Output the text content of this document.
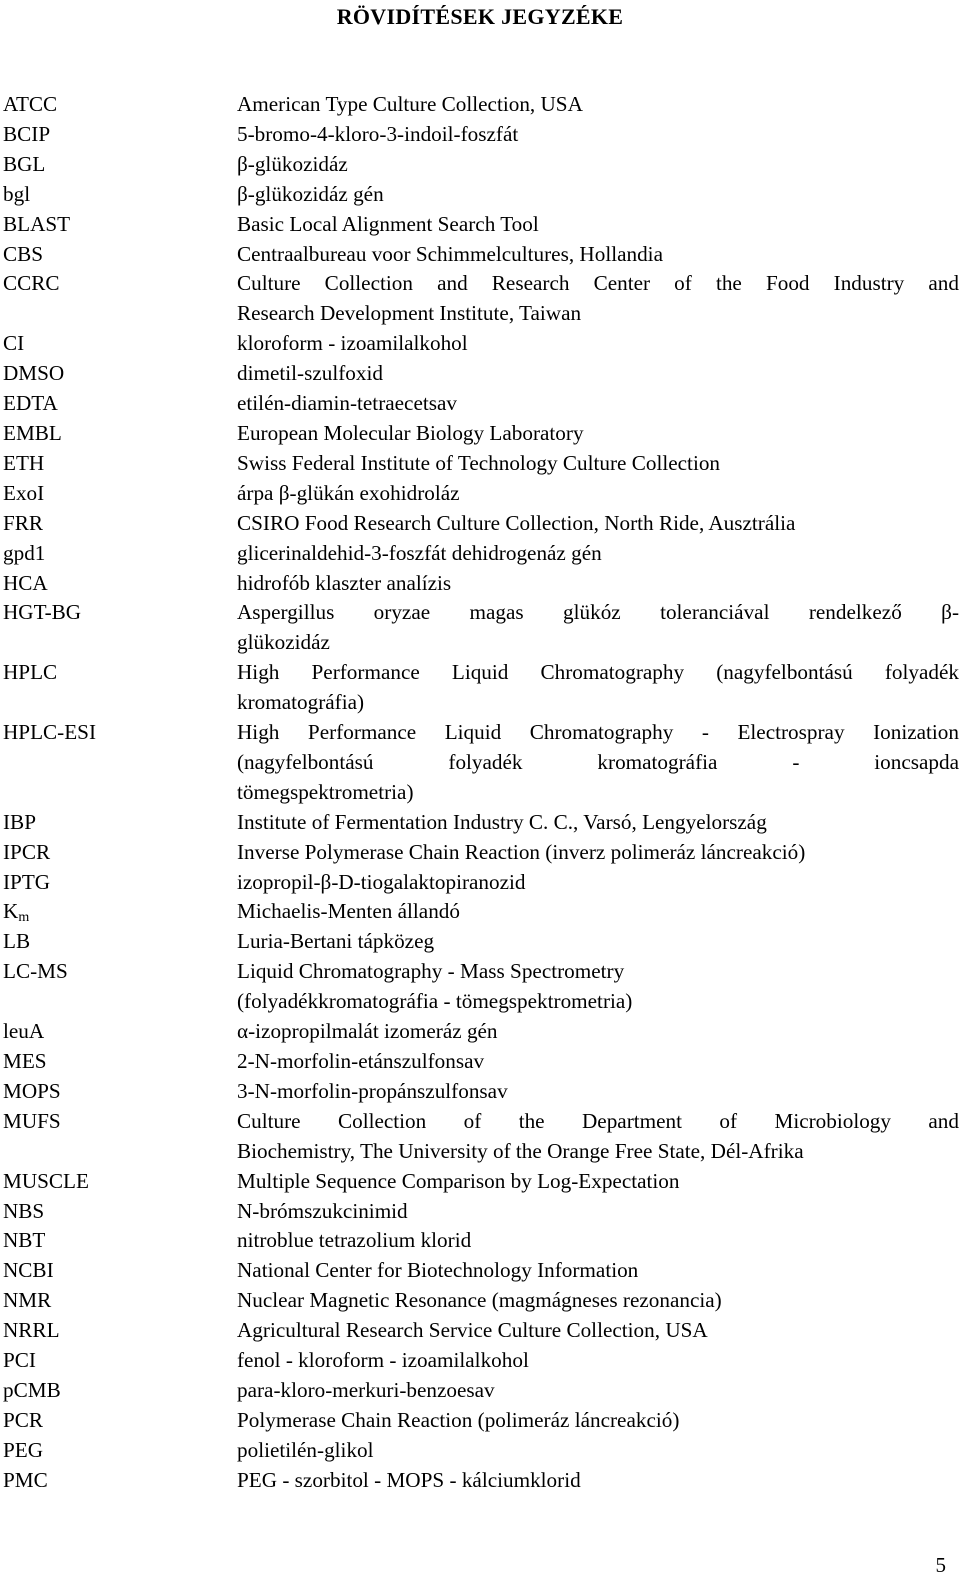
RÖVIDÍTÉSEK JEGYZÉKE
ATCC	American Type Culture Collection, USA
BCIP	5-bromo-4-kloro-3-indoil-foszfát
BGL	β-glükozidáz
bgl	β-glükozidáz gén
BLAST	Basic Local Alignment Search Tool
CBS	Centraalbureau voor Schimmelcultures, Hollandia
CCRC	Culture Collection and Research Center of the Food Industry and
Research Development Institute, Taiwan
CI	kloroform - izoamilalkohol
DMSO	dimetil-szulfoxid
EDTA	etilén-diamin-tetraecetsav
EMBL	European Molecular Biology Laboratory
ETH	Swiss Federal Institute of Technology Culture Collection
ExoI	árpa β-glükán exohidroláz
FRR	CSIRO Food Research Culture Collection, North Ride, Ausztrália
gpd1	glicerinaldehid-3-foszfát dehidrogenáz gén
HCA	hidrofób klaszter analízis
HGT-BG	Aspergillus oryzae magas glükóz toleranciával rendelkező β-
glükozidáz
HPLC	High Performance Liquid Chromatography (nagyfelbontású folyadék
kromatográfia)
HPLC-ESI	High Performance Liquid Chromatography - Electrospray Ionization
(nagyfelbontású folyadék kromatográfia - ioncsapda
tömegspektrometria)
IBP	Institute of Fermentation Industry C. C., Varsó, Lengyelország
IPCR	Inverse Polymerase Chain Reaction (inverz polimeráz láncreakció)
IPTG	izopropil-β-D-tiogalaktopiranozid
$K_m$	Michaelis-Menten állandó
LB	Luria-Bertani tápközeg
LC-MS	Liquid Chromatography - Mass Spectrometry
(folyadékkromatográfia - tömegspektrometria)
leuA	α-izopropilmalát izomeráz gén
MES	2-N-morfolin-etánszulfonsav
MOPS	3-N-morfolin-propánszulfonsav
MUFS	Culture Collection of the Department of Microbiology and
Biochemistry, The University of the Orange Free State, Dél-Afrika
MUSCLE	Multiple Sequence Comparison by Log-Expectation
NBS	N-brómszukcinimid
NBT	nitroblue tetrazolium klorid
NCBI	National Center for Biotechnology Information
NMR	Nuclear Magnetic Resonance (magmágneses rezonancia)
NRRL	Agricultural Research Service Culture Collection, USA
PCI	fenol - kloroform - izoamilalkohol
pCMB	para-kloro-merkuri-benzoesav
PCR	Polymerase Chain Reaction (polimeráz láncreakció)
PEG	polietilén-glikol
PMC	PEG - szorbitol - MOPS - kálciumklorid
5
